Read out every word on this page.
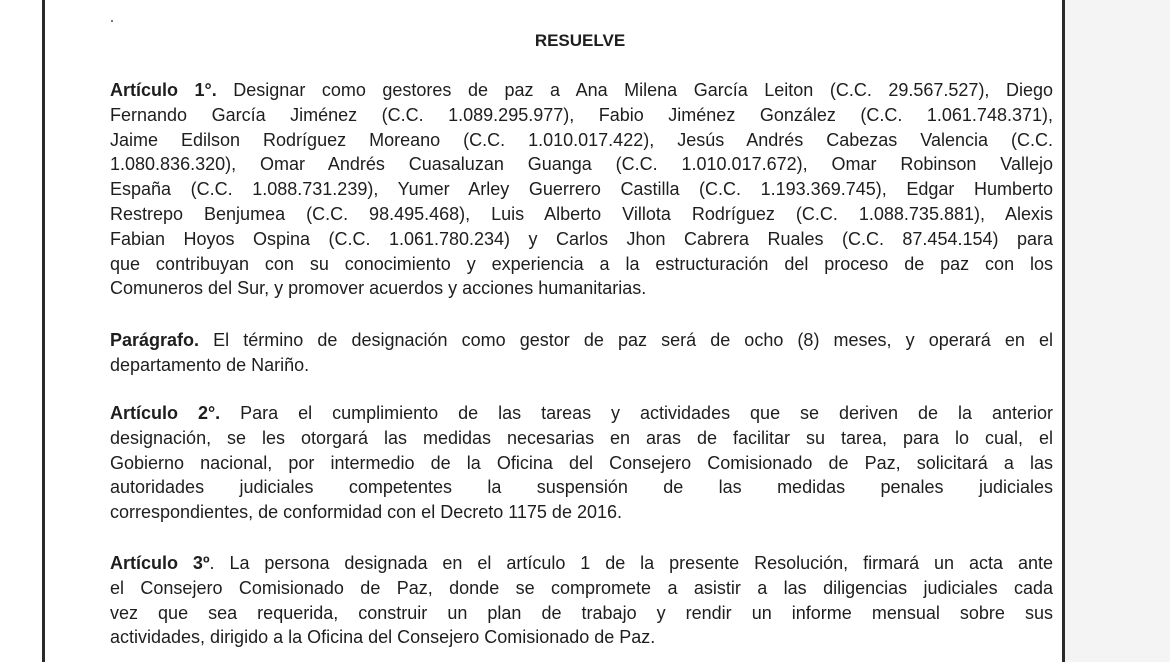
RESUELVE
Artículo 1°. Designar como gestores de paz a Ana Milena García Leiton (C.C. 29.567.527), Diego
Fernando García Jiménez (C.C. 1.089.295.977), Fabio Jiménez González (C.C. 1.061.748.371),
Jaime Edilson Rodríguez Moreano (C.C. 1.010.017.422), Jesús Andrés Cabezas Valencia (C.C.
1.080.836.320), Omar Andrés Cuasaluzan Guanga (C.C. 1.010.017.672), Omar Robinson Vallejo
España (C.C. 1.088.731.239), Yumer Arley Guerrero Castilla (C.C. 1.193.369.745), Edgar Humberto
Restrepo Benjumea (C.C. 98.495.468), Luis Alberto Villota Rodríguez (C.C. 1.088.735.881), Alexis
Fabian Hoyos Ospina (C.C. 1.061.780.234) y Carlos Jhon Cabrera Ruales (C.C. 87.454.154) para
que contribuyan con su conocimiento y experiencia a la estructuración del proceso de paz con los
Comuneros del Sur, y promover acuerdos y acciones humanitarias.
Parágrafo. El término de designación como gestor de paz será de ocho (8) meses, y operará en el
departamento de Nariño.
Artículo 2°. Para el cumplimiento de las tareas y actividades que se deriven de la anterior
designación, se les otorgará las medidas necesarias en aras de facilitar su tarea, para lo cual, el
Gobierno nacional, por intermedio de la Oficina del Consejero Comisionado de Paz, solicitará a las
autoridades judiciales competentes la suspensión de las medidas penales judiciales
correspondientes, de conformidad con el Decreto 1175 de 2016.
Artículo 3º. La persona designada en el artículo 1 de la presente Resolución, firmará un acta ante
el Consejero Comisionado de Paz, donde se compromete a asistir a las diligencias judiciales cada
vez que sea requerida, construir un plan de trabajo y rendir un informe mensual sobre sus
actividades, dirigido a la Oficina del Consejero Comisionado de Paz.
